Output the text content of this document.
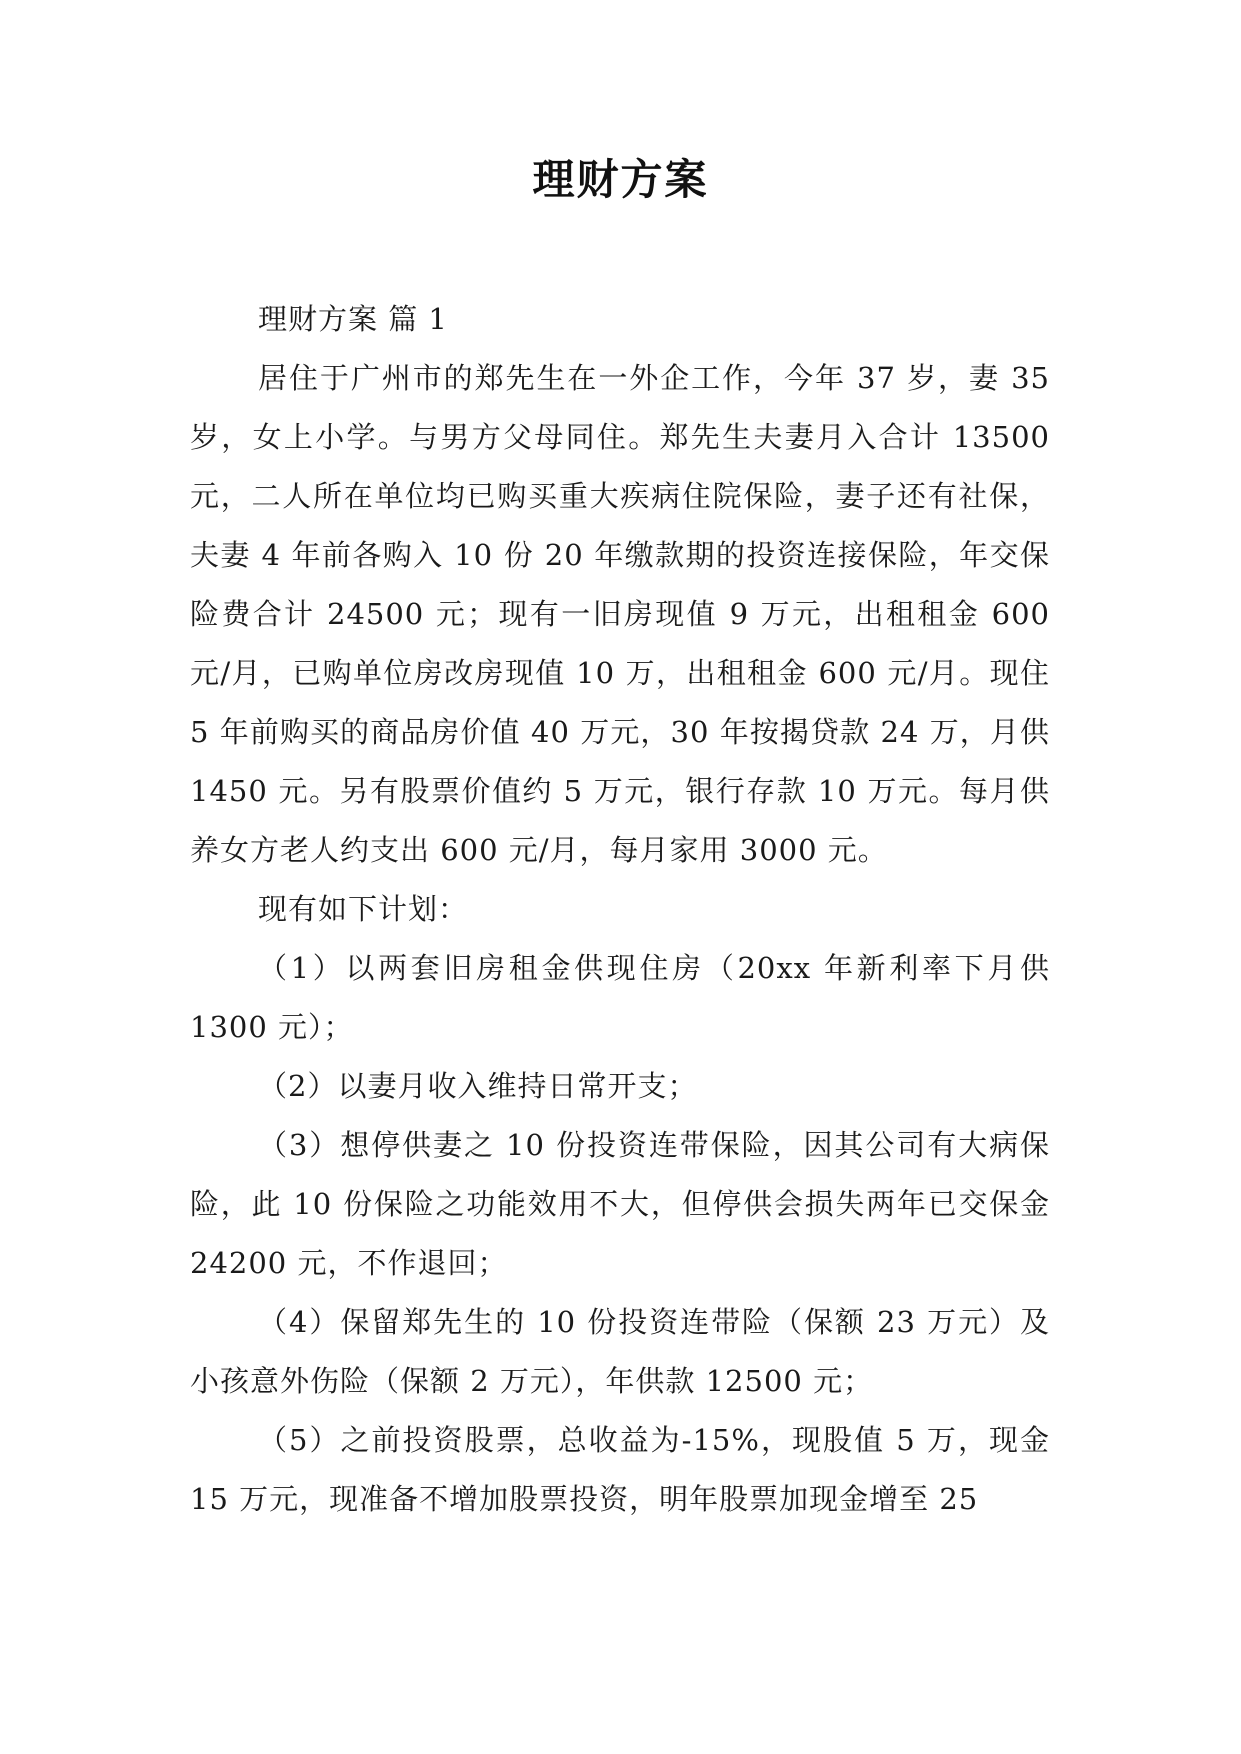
理财方案

理财方案 篇 1

居住于广州市的郑先生在一外企工作，今年 37 岁，妻 35 岁，女上小学。与男方父母同住。郑先生夫妻月入合计 13500 元，二人所在单位均已购买重大疾病住院保险，妻子还有社保，夫妻 4 年前各购入 10 份 20 年缴款期的投资连接保险，年交保险费合计 24500 元；现有一旧房现值 9 万元，出租租金 600 元/月，已购单位房改房现值 10 万，出租租金 600 元/月。现住 5 年前购买的商品房价值 40 万元，30 年按揭贷款 24 万，月供 1450 元。另有股票价值约 5 万元，银行存款 10 万元。每月供养女方老人约支出 600 元/月，每月家用 3000 元。

现有如下计划：

（1）以两套旧房租金供现住房（20xx 年新利率下月供 1300 元）；

（2）以妻月收入维持日常开支；

（3）想停供妻之 10 份投资连带保险，因其公司有大病保险，此 10 份保险之功能效用不大，但停供会损失两年已交保金 24200 元，不作退回；

（4）保留郑先生的 10 份投资连带险（保额 23 万元）及小孩意外伤险（保额 2 万元），年供款 12500 元；

（5）之前投资股票，总收益为-15%，现股值 5 万，现金 15 万元，现准备不增加股票投资，明年股票加现金增至 25
